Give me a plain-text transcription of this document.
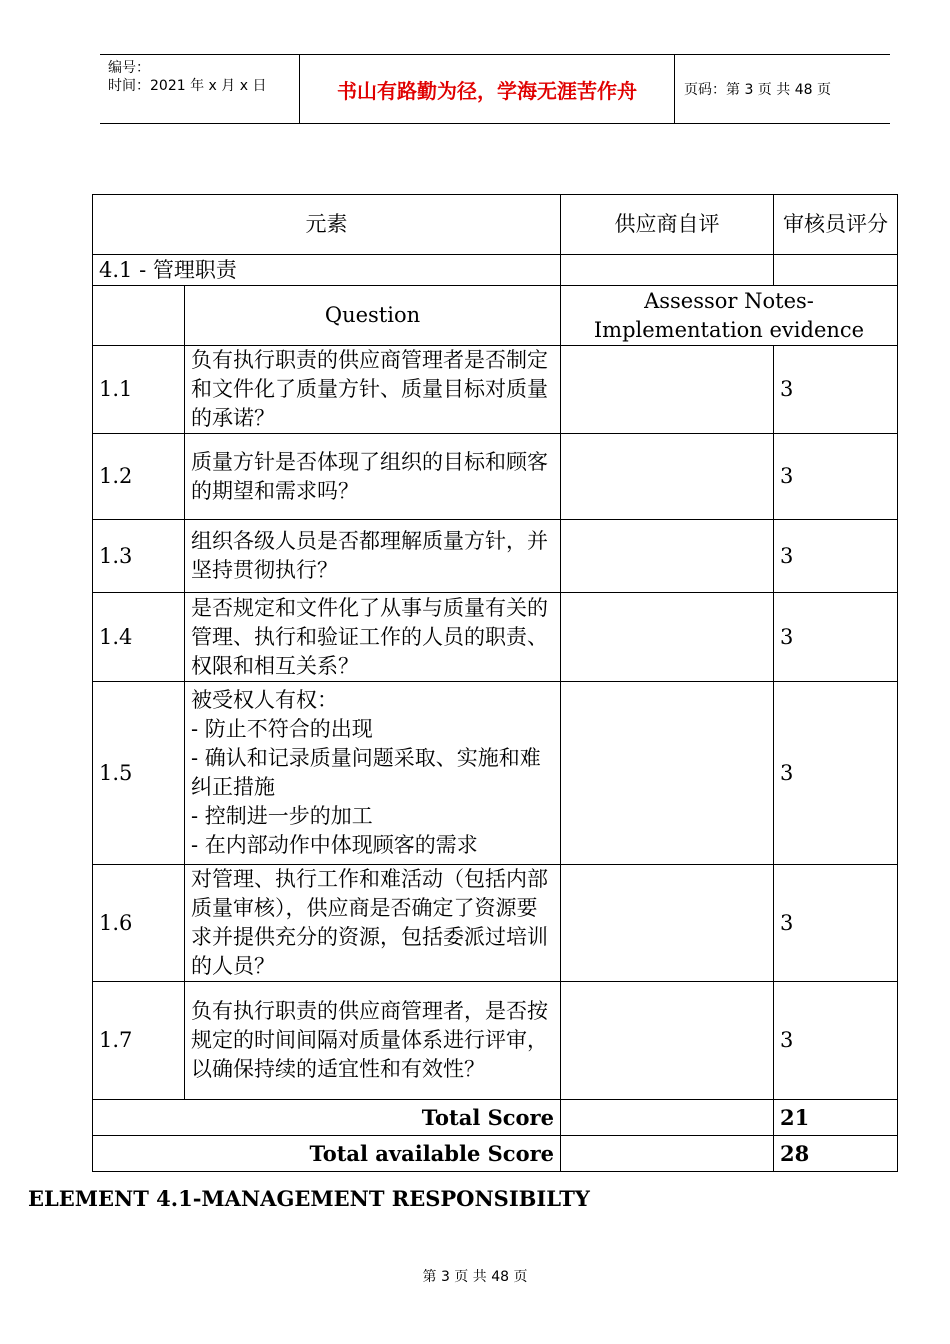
编号：
时间：2021 年 x 月 x 日	书山有路勤为径，学海无涯苦作舟	页码：第 3 页 共 48 页
元素		供应商自评	审核员评分
4.1 - 管理职责			
	Question	Assessor Notes-Implementation evidence	
1.1	负有执行职责的供应商管理者是否制定和文件化了质量方针、质量目标对质量的承诺？		3
1.2	质量方针是否体现了组织的目标和顾客的期望和需求吗？		3
1.3	组织各级人员是否都理解质量方针，并坚持贯彻执行？		3
1.4	是否规定和文件化了从事与质量有关的管理、执行和验证工作的人员的职责、权限和相互关系？		3
1.5	被受权人有权：
- 防止不符合的出现
- 确认和记录质量问题采取、实施和难纠正措施
- 控制进一步的加工
- 在内部动作中体现顾客的需求		3
1.6	对管理、执行工作和难活动（包括内部质量审核），供应商是否确定了资源要求并提供充分的资源，包括委派过培训的人员？		3
1.7	负有执行职责的供应商管理者，是否按规定的时间间隔对质量体系进行评审，以确保持续的适宜性和有效性？		3
Total Score			21
Total available Score			28
ELEMENT 4.1-MANAGEMENT RESPONSIBILTY
第 3 页 共 48 页
